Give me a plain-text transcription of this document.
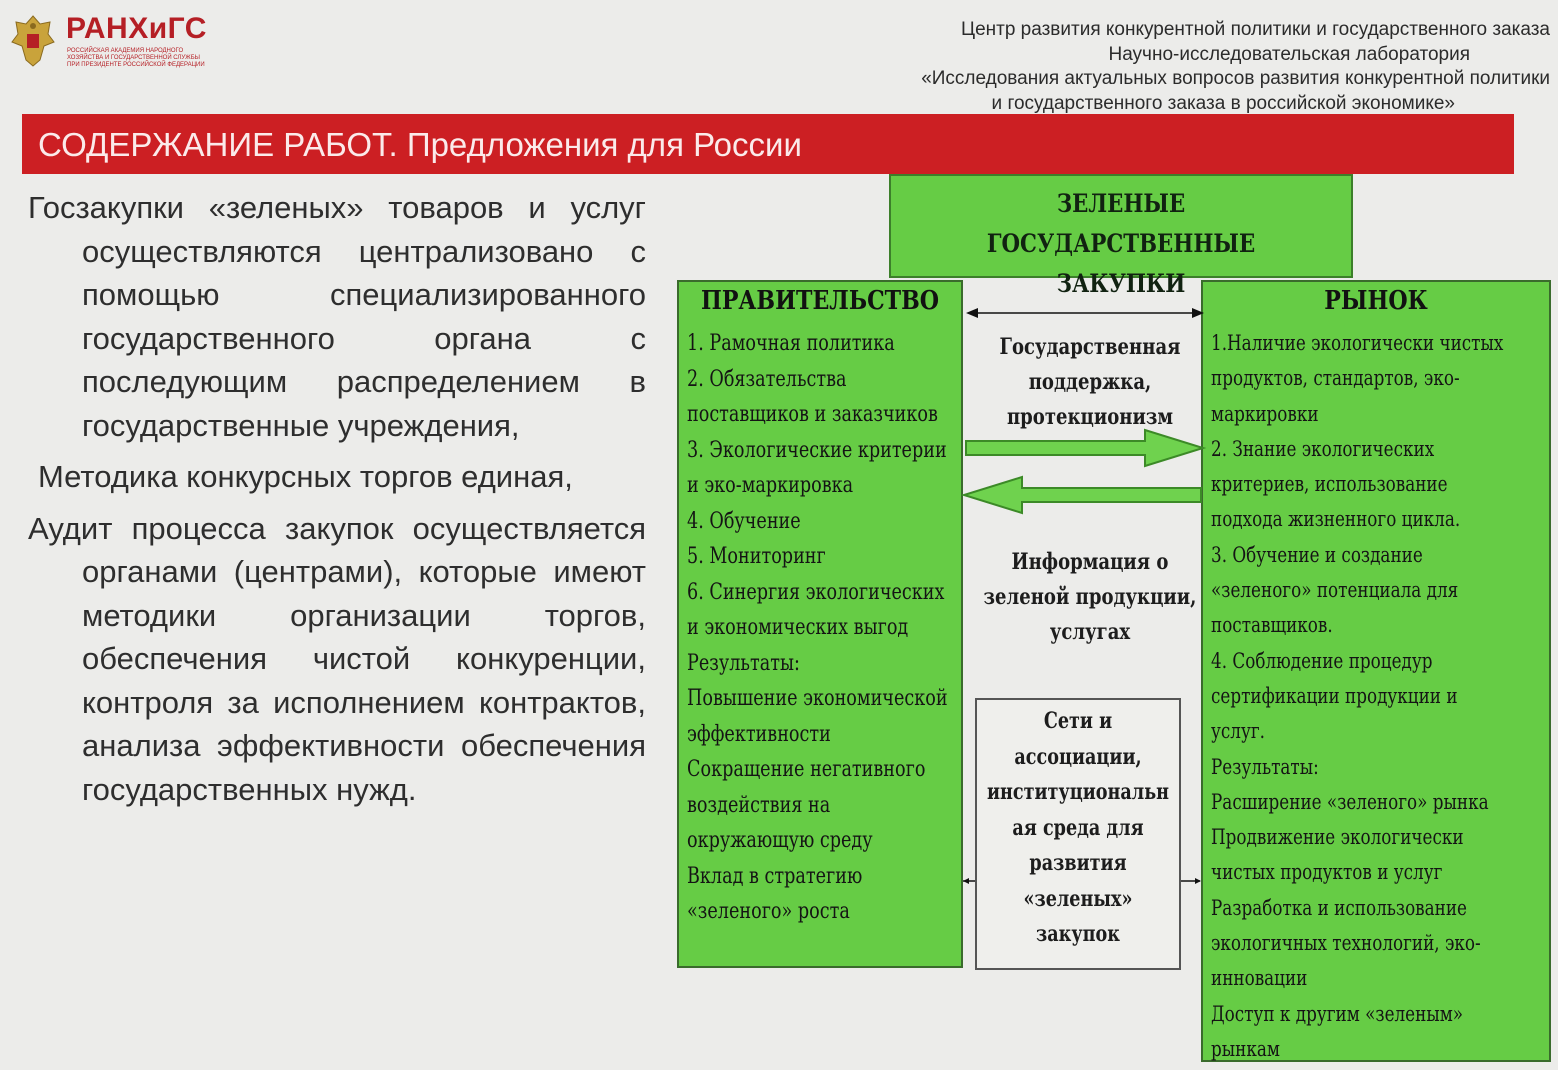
РАНХиГС
РОССИЙСКАЯ АКАДЕМИЯ НАРОДНОГО ХОЗЯЙСТВА И ГОСУДАРСТВЕННОЙ СЛУЖБЫ ПРИ ПРЕЗИДЕНТЕ РОССИЙСКОЙ ФЕДЕРАЦИИ
Центр развития конкурентной политики и государственного заказа
Научно-исследовательская лаборатория
«Исследования актуальных вопросов развития конкурентной политики
и государственного заказа в российской экономике»
СОДЕРЖАНИЕ РАБОТ. Предложения для России

Госзакупки «зеленых» товаров и услуг осуществляются централизовано с помощью специализированного государственного органа с последующим распределением в государственные учреждения,

Методика конкурсных торгов единая,

Аудит процесса закупок осуществляется органами (центрами), которые имеют методики организации торгов, обеспечения чистой конкуренции, контроля за исполнением контрактов, анализа эффективности обеспечения государственных нужд.

ЗЕЛЕНЫЕ ГОСУДАРСТВЕННЫЕ
ЗАКУПКИ
ПРАВИТЕЛЬСТВО
1. Рамочная политика
2. Обязательства
поставщиков и заказчиков
3. Экологические критерии
и эко-маркировка
4. Обучение
5. Мониторинг
6. Синергия экологических
и экономических выгод
Результаты:
Повышение экономической
эффективности
Сокращение негативного
воздействия на
окружающую среду
Вклад в стратегию
«зеленого» роста
РЫНОК
1.Наличие экологически чистых
продуктов, стандартов, эко-
маркировки
2. Знание экологических
критериев, использование
подхода жизненного цикла.
3. Обучение и создание
«зеленого» потенциала для
поставщиков.
4. Соблюдение процедур
сертификации продукции и
услуг.
Результаты:
Расширение «зеленого» рынка
Продвижение экологически
чистых продуктов и услуг
Разработка и использование
экологичных технологий, эко-
инновации
Доступ к другим «зеленым»
рынкам
Государственная
поддержка,
протекционизм
Информация о
зеленой продукции,
услугах
Сети и
ассоциации,
институциональн
ая среда для
развития
«зеленых»
закупок
